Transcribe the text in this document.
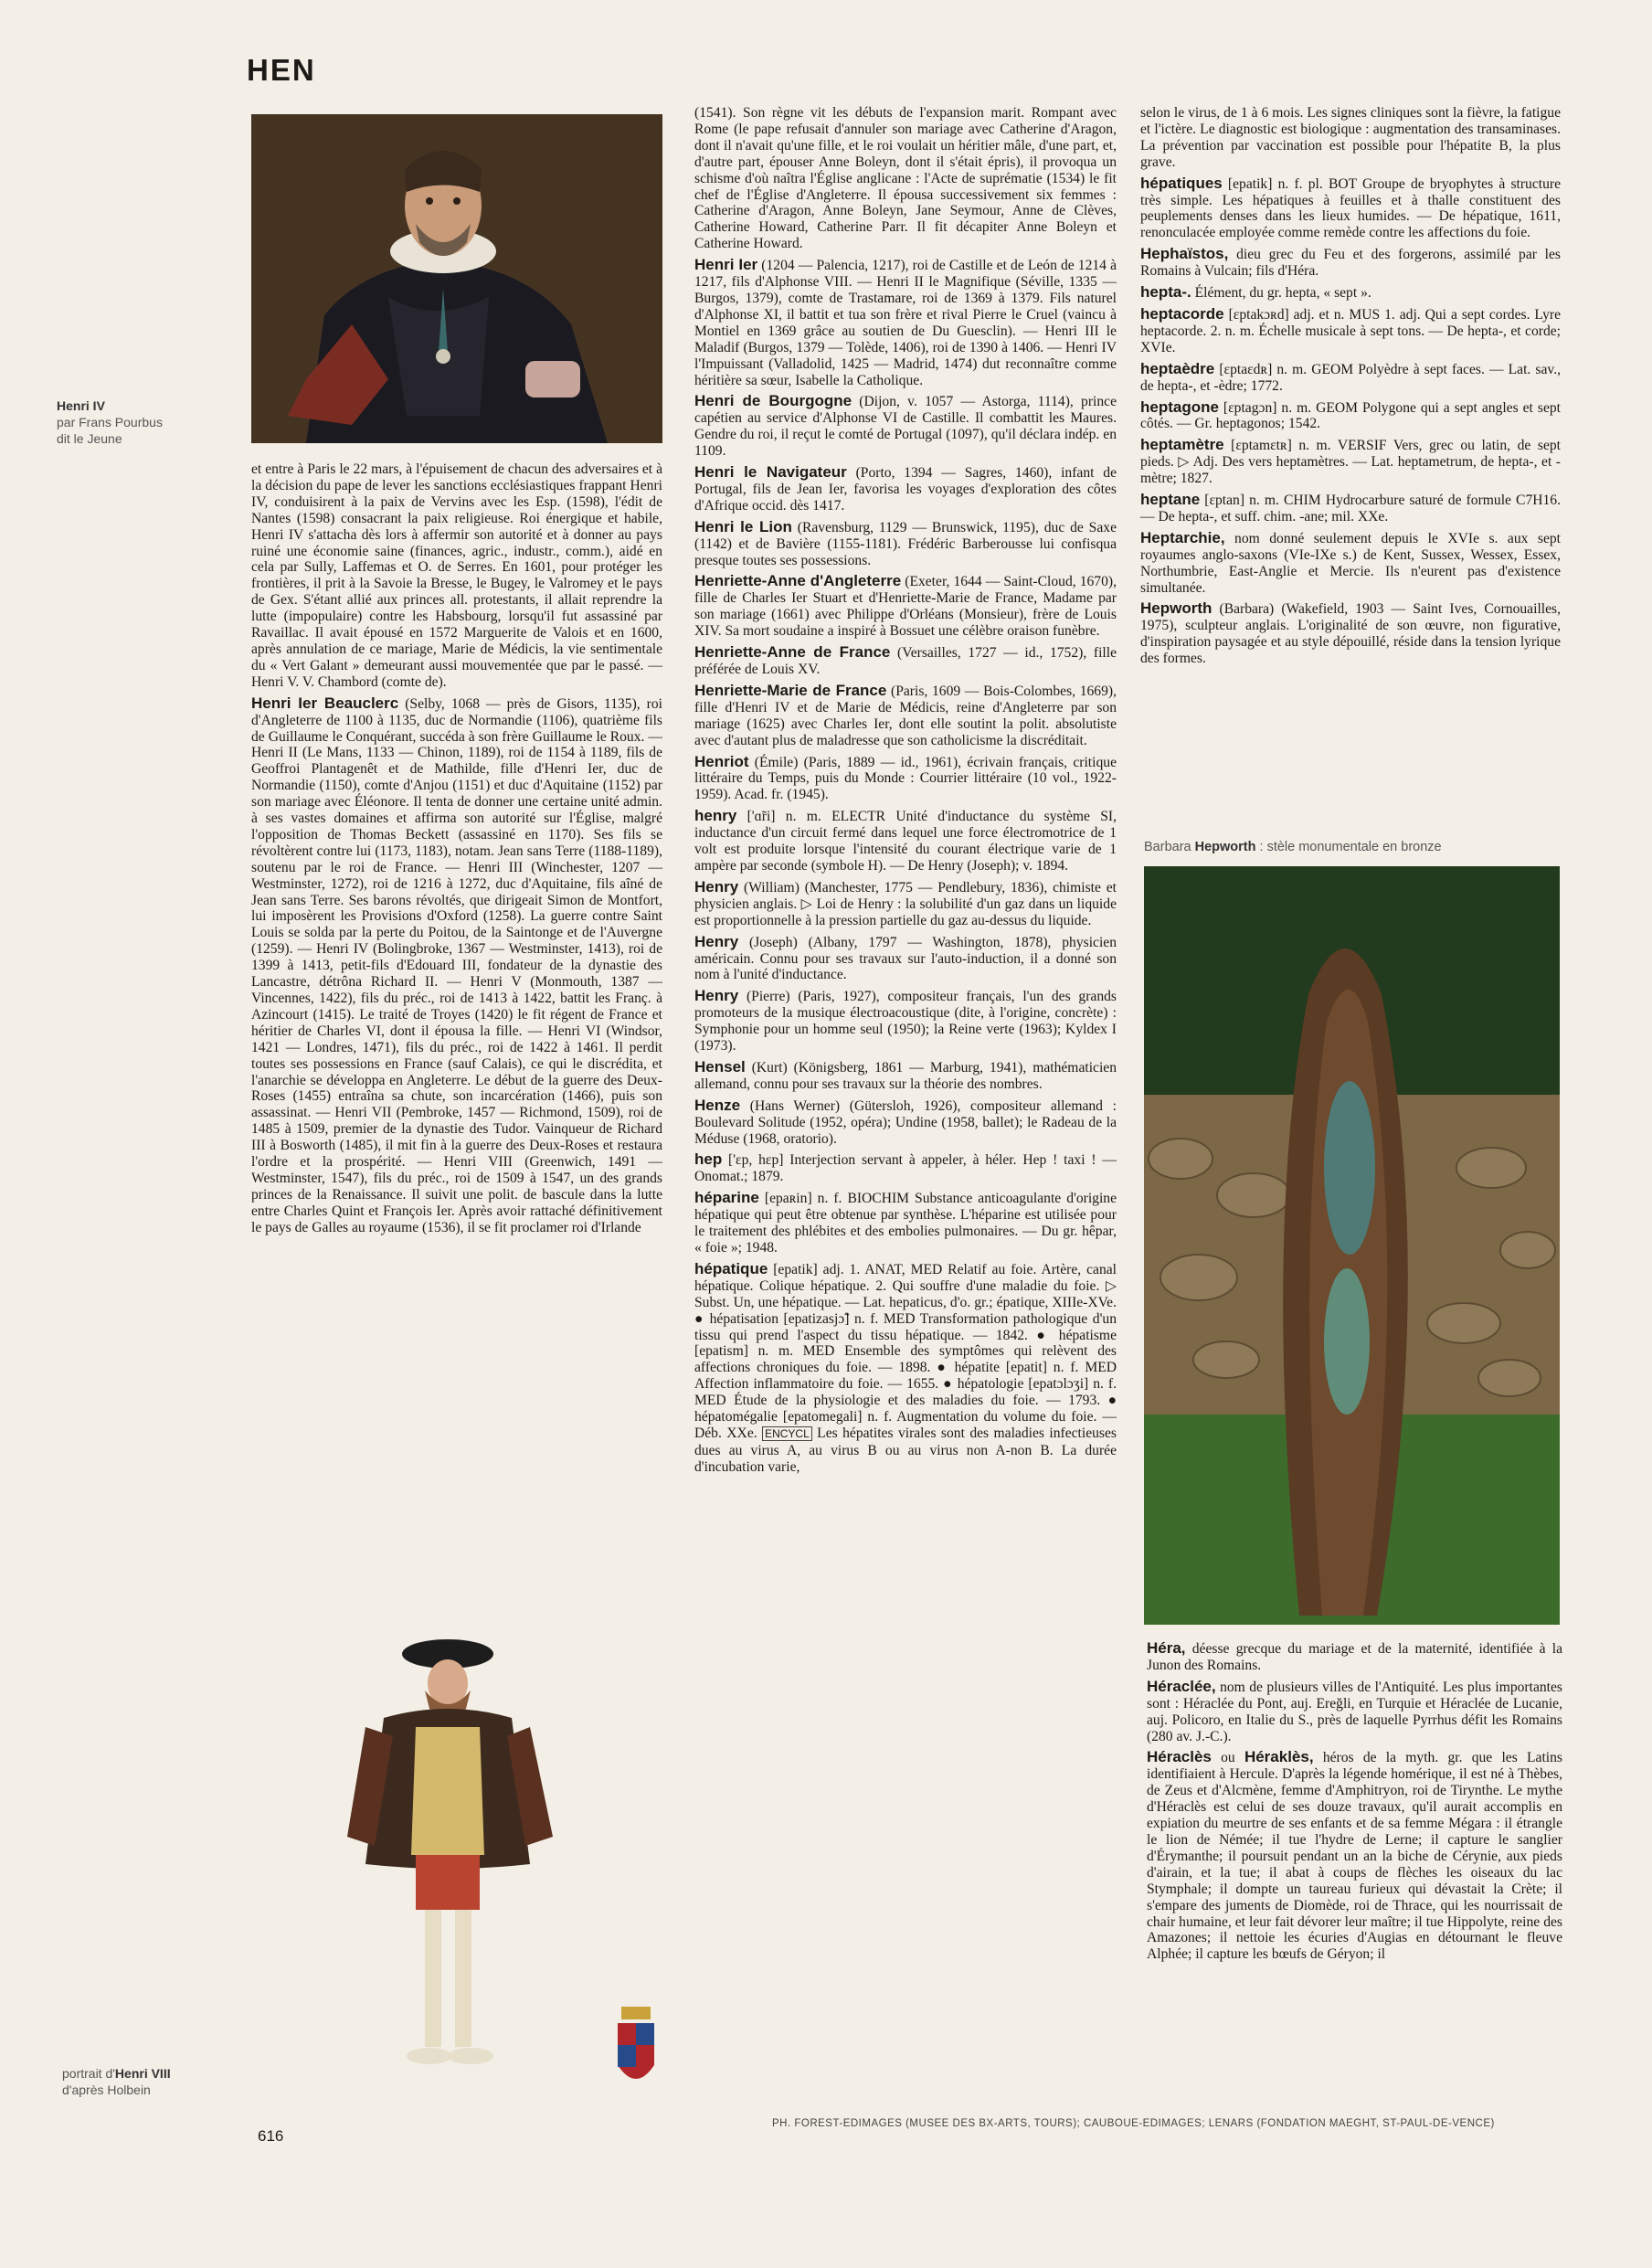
HEN
Henri IV
par Frans Pourbus
dit le Jeune

et entre à Paris le 22 mars, à l'épuisement de chacun des adversaires et à la décision du pape de lever les sanctions ecclésiastiques frappant Henri IV, conduisirent à la paix de Vervins avec les Esp. (1598), l'édit de Nantes (1598) consacrant la paix religieuse. Roi énergique et habile, Henri IV s'attacha dès lors à affermir son autorité et à donner au pays ruiné une économie saine (finances, agric., industr., comm.), aidé en cela par Sully, Laffemas et O. de Serres. En 1601, pour protéger les frontières, il prit à la Savoie la Bresse, le Bugey, le Valromey et le pays de Gex. S'étant allié aux princes all. protestants, il allait reprendre la lutte (impopulaire) contre les Habsbourg, lorsqu'il fut assassiné par Ravaillac. Il avait épousé en 1572 Marguerite de Valois et en 1600, après annulation de ce mariage, Marie de Médicis, la vie sentimentale du « Vert Galant » demeurant aussi mouvementée que par le passé. — Henri V. V. Chambord (comte de).

Henri Ier Beauclerc (Selby, 1068 — près de Gisors, 1135), roi d'Angleterre de 1100 à 1135, duc de Normandie (1106), quatrième fils de Guillaume le Conquérant, succéda à son frère Guillaume le Roux. — Henri II (Le Mans, 1133 — Chinon, 1189), roi de 1154 à 1189, fils de Geoffroi Plantagenêt et de Mathilde, fille d'Henri Ier, duc de Normandie (1150), comte d'Anjou (1151) et duc d'Aquitaine (1152) par son mariage avec Éléonore. Il tenta de donner une certaine unité admin. à ses vastes domaines et affirma son autorité sur l'Église, malgré l'opposition de Thomas Beckett (assassiné en 1170). Ses fils se révoltèrent contre lui (1173, 1183), notam. Jean sans Terre (1188-1189), soutenu par le roi de France. — Henri III (Winchester, 1207 — Westminster, 1272), roi de 1216 à 1272, duc d'Aquitaine, fils aîné de Jean sans Terre. Ses barons révoltés, que dirigeait Simon de Montfort, lui imposèrent les Provisions d'Oxford (1258). La guerre contre Saint Louis se solda par la perte du Poitou, de la Saintonge et de l'Auvergne (1259). — Henri IV (Bolingbroke, 1367 — Westminster, 1413), roi de 1399 à 1413, petit-fils d'Edouard III, fondateur de la dynastie des Lancastre, détrôna Richard II. — Henri V (Monmouth, 1387 — Vincennes, 1422), fils du préc., roi de 1413 à 1422, battit les Franç. à Azincourt (1415). Le traité de Troyes (1420) le fit régent de France et héritier de Charles VI, dont il épousa la fille. — Henri VI (Windsor, 1421 — Londres, 1471), fils du préc., roi de 1422 à 1461. Il perdit toutes ses possessions en France (sauf Calais), ce qui le discrédita, et l'anarchie se développa en Angleterre. Le début de la guerre des Deux-Roses (1455) entraîna sa chute, son incarcération (1466), puis son assassinat. — Henri VII (Pembroke, 1457 — Richmond, 1509), roi de 1485 à 1509, premier de la dynastie des Tudor. Vainqueur de Richard III à Bosworth (1485), il mit fin à la guerre des Deux-Roses et restaura l'ordre et la prospérité. — Henri VIII (Greenwich, 1491 — Westminster, 1547), fils du préc., roi de 1509 à 1547, un des grands princes de la Renaissance. Il suivit une polit. de bascule dans la lutte entre Charles Quint et François Ier. Après avoir rattaché définitivement le pays de Galles au royaume (1536), il se fit proclamer roi d'Irlande

portrait d'Henri VIII
d'après Holbein

(1541). Son règne vit les débuts de l'expansion marit. Rompant avec Rome (le pape refusait d'annuler son mariage avec Catherine d'Aragon, dont il n'avait qu'une fille, et le roi voulait un héritier mâle, d'une part, et, d'autre part, épouser Anne Boleyn, dont il s'était épris), il provoqua un schisme d'où naîtra l'Église anglicane : l'Acte de suprématie (1534) le fit chef de l'Église d'Angleterre. Il épousa successivement six femmes : Catherine d'Aragon, Anne Boleyn, Jane Seymour, Anne de Clèves, Catherine Howard, Catherine Parr. Il fit décapiter Anne Boleyn et Catherine Howard.

Henri Ier (1204 — Palencia, 1217), roi de Castille et de León de 1214 à 1217, fils d'Alphonse VIII. — Henri II le Magnifique (Séville, 1335 — Burgos, 1379), comte de Trastamare, roi de 1369 à 1379. Fils naturel d'Alphonse XI, il battit et tua son frère et rival Pierre le Cruel (vaincu à Montiel en 1369 grâce au soutien de Du Guesclin). — Henri III le Maladif (Burgos, 1379 — Tolède, 1406), roi de 1390 à 1406. — Henri IV l'Impuissant (Valladolid, 1425 — Madrid, 1474) dut reconnaître comme héritière sa sœur, Isabelle la Catholique.

Henri de Bourgogne (Dijon, v. 1057 — Astorga, 1114), prince capétien au service d'Alphonse VI de Castille. Il combattit les Maures. Gendre du roi, il reçut le comté de Portugal (1097), qu'il déclara indép. en 1109.

Henri le Navigateur (Porto, 1394 — Sagres, 1460), infant de Portugal, fils de Jean Ier, favorisa les voyages d'exploration des côtes d'Afrique occid. dès 1417.

Henri le Lion (Ravensburg, 1129 — Brunswick, 1195), duc de Saxe (1142) et de Bavière (1155-1181). Frédéric Barberousse lui confisqua presque toutes ses possessions.

Henriette-Anne d'Angleterre (Exeter, 1644 — Saint-Cloud, 1670), fille de Charles Ier Stuart et d'Henriette-Marie de France, Madame par son mariage (1661) avec Philippe d'Orléans (Monsieur), frère de Louis XIV. Sa mort soudaine a inspiré à Bossuet une célèbre oraison funèbre.

Henriette-Anne de France (Versailles, 1727 — id., 1752), fille préférée de Louis XV.

Henriette-Marie de France (Paris, 1609 — Bois-Colombes, 1669), fille d'Henri IV et de Marie de Médicis, reine d'Angleterre par son mariage (1625) avec Charles Ier, dont elle soutint la polit. absolutiste avec d'autant plus de maladresse que son catholicisme la discréditait.

Henriot (Émile) (Paris, 1889 — id., 1961), écrivain français, critique littéraire du Temps, puis du Monde : Courrier littéraire (10 vol., 1922-1959). Acad. fr. (1945).

henry ['ɑ̃ri] n. m. ELECTR Unité d'inductance du système SI, inductance d'un circuit fermé dans lequel une force électromotrice de 1 volt est produite lorsque l'intensité du courant électrique varie de 1 ampère par seconde (symbole H). — De Henry (Joseph); v. 1894.

Henry (William) (Manchester, 1775 — Pendlebury, 1836), chimiste et physicien anglais. ▷ Loi de Henry : la solubilité d'un gaz dans un liquide est proportionnelle à la pression partielle du gaz au-dessus du liquide.

Henry (Joseph) (Albany, 1797 — Washington, 1878), physicien américain. Connu pour ses travaux sur l'auto-induction, il a donné son nom à l'unité d'inductance.

Henry (Pierre) (Paris, 1927), compositeur français, l'un des grands promoteurs de la musique électroacoustique (dite, à l'origine, concrète) : Symphonie pour un homme seul (1950); la Reine verte (1963); Kyldex I (1973).

Hensel (Kurt) (Königsberg, 1861 — Marburg, 1941), mathématicien allemand, connu pour ses travaux sur la théorie des nombres.

Henze (Hans Werner) (Gütersloh, 1926), compositeur allemand : Boulevard Solitude (1952, opéra); Undine (1958, ballet); le Radeau de la Méduse (1968, oratorio).

hep ['ɛp, hɛp] Interjection servant à appeler, à héler. Hep ! taxi ! — Onomat.; 1879.

héparine [epaʀin] n. f. BIOCHIM Substance anticoagulante d'origine hépatique qui peut être obtenue par synthèse. L'héparine est utilisée pour le traitement des phlébites et des embolies pulmonaires. — Du gr. hêpar, « foie »; 1948.

hépatique [epatik] adj. 1. ANAT, MED Relatif au foie. Artère, canal hépatique. Colique hépatique. 2. Qui souffre d'une maladie du foie. ▷ Subst. Un, une hépatique. — Lat. hepaticus, d'o. gr.; épatique, XIIIe-XVe. ● hépatisation [epatizasjɔ̃] n. f. MED Transformation pathologique d'un tissu qui prend l'aspect du tissu hépatique. — 1842. ● hépatisme [epatism] n. m. MED Ensemble des symptômes qui relèvent des affections chroniques du foie. — 1898. ● hépatite [epatit] n. f. MED Affection inflammatoire du foie. — 1655. ● hépatologie [epatɔlɔʒi] n. f. MED Étude de la physiologie et des maladies du foie. — 1793. ● hépatomégalie [epatomegali] n. f. Augmentation du volume du foie. — Déb. XXe. ENCYCL Les hépatites virales sont des maladies infectieuses dues au virus A, au virus B ou au virus non A-non B. La durée d'incubation varie,

selon le virus, de 1 à 6 mois. Les signes cliniques sont la fièvre, la fatigue et l'ictère. Le diagnostic est biologique : augmentation des transaminases. La prévention par vaccination est possible pour l'hépatite B, la plus grave.

hépatiques [epatik] n. f. pl. BOT Groupe de bryophytes à structure très simple. Les hépatiques à feuilles et à thalle constituent des peuplements denses dans les lieux humides. — De hépatique, 1611, renonculacée employée comme remède contre les affections du foie.

Hephaïstos, dieu grec du Feu et des forgerons, assimilé par les Romains à Vulcain; fils d'Héra.

hepta-. Élément, du gr. hepta, « sept ».

heptacorde [ɛptakɔʀd] adj. et n. MUS 1. adj. Qui a sept cordes. Lyre heptacorde. 2. n. m. Échelle musicale à sept tons. — De hepta-, et corde; XVIe.

heptaèdre [ɛptaɛdʀ] n. m. GEOM Polyèdre à sept faces. — Lat. sav., de hepta-, et -èdre; 1772.

heptagone [ɛptagɔn] n. m. GEOM Polygone qui a sept angles et sept côtés. — Gr. heptagonos; 1542.

heptamètre [ɛptamɛtʀ] n. m. VERSIF Vers, grec ou latin, de sept pieds. ▷ Adj. Des vers heptamètres. — Lat. heptametrum, de hepta-, et -mètre; 1827.

heptane [ɛptan] n. m. CHIM Hydrocarbure saturé de formule C7H16. — De hepta-, et suff. chim. -ane; mil. XXe.

Heptarchie, nom donné seulement depuis le XVIe s. aux sept royaumes anglo-saxons (VIe-IXe s.) de Kent, Sussex, Wessex, Essex, Northumbrie, East-Anglie et Mercie. Ils n'eurent pas d'existence simultanée.

Hepworth (Barbara) (Wakefield, 1903 — Saint Ives, Cornouailles, 1975), sculpteur anglais. L'originalité de son œuvre, non figurative, d'inspiration paysagée et au style dépouillé, réside dans la tension lyrique des formes.

Barbara Hepworth : stèle monumentale en bronze

Héra, déesse grecque du mariage et de la maternité, identifiée à la Junon des Romains.

Héraclée, nom de plusieurs villes de l'Antiquité. Les plus importantes sont : Héraclée du Pont, auj. Ereğli, en Turquie et Héraclée de Lucanie, auj. Policoro, en Italie du S., près de laquelle Pyrrhus défit les Romains (280 av. J.-C.).

Héraclès ou Héraklès, héros de la myth. gr. que les Latins identifiaient à Hercule. D'après la légende homérique, il est né à Thèbes, de Zeus et d'Alcmène, femme d'Amphitryon, roi de Tirynthe. Le mythe d'Héraclès est celui de ses douze travaux, qu'il aurait accomplis en expiation du meurtre de ses enfants et de sa femme Mégara : il étrangle le lion de Némée; il tue l'hydre de Lerne; il capture le sanglier d'Érymanthe; il poursuit pendant un an la biche de Cérynie, aux pieds d'airain, et la tue; il abat à coups de flèches les oiseaux du lac Stymphale; il dompte un taureau furieux qui dévastait la Crète; il s'empare des juments de Diomède, roi de Thrace, qui les nourrissait de chair humaine, et leur fait dévorer leur maître; il tue Hippolyte, reine des Amazones; il nettoie les écuries d'Augias en détournant le fleuve Alphée; il capture les bœufs de Géryon; il

616
PH. FOREST-EDIMAGES (MUSEE DES BX-ARTS, TOURS); CAUBOUE-EDIMAGES; LENARS (FONDATION MAEGHT, ST-PAUL-DE-VENCE)
